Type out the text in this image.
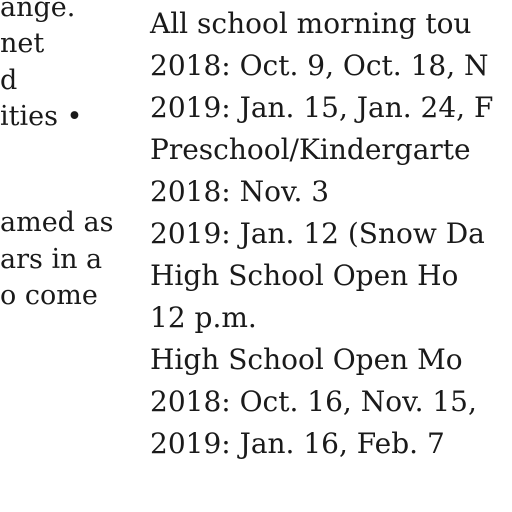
ange.
net
d
ities •
amed as
ars in a
o come
All school morning tou
2018: Oct. 9, Oct. 18, N
2019: Jan. 15, Jan. 24, F
Preschool/Kindergarte
2018: Nov. 3
2019: Jan. 12 (Snow Da
High School Open Ho
12 p.m.
High School Open Mo
2018: Oct. 16, Nov. 15,
2019: Jan. 16, Feb. 7
